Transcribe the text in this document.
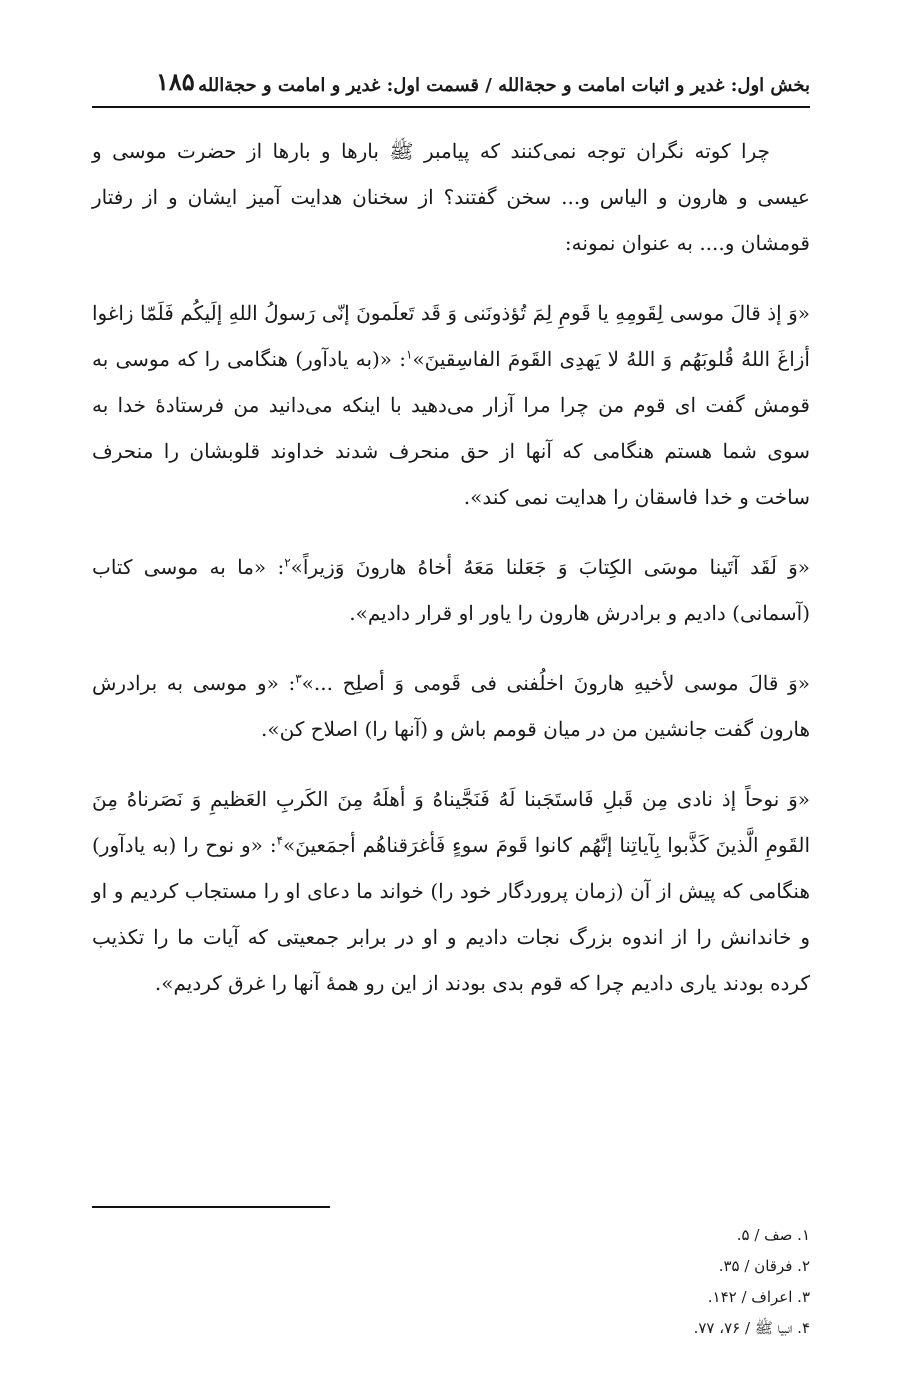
بخش اول: غدیر و اثبات امامت و حجةالله / قسمت اول: غدیر و امامت و حجةالله
۱۸۵

چرا کوته نگران توجه نمی‌کنند که پیامبر ﷺ بارها و بارها از حضرت موسی و عیسی و هارون و الیاس و... سخن گفتند؟ از سخنان هدایت آمیز ایشان و از رفتار قومشان و.... به عنوان نمونه:

«وَ إذ قالَ موسی لِقَومِهِ یا قَومِ لِمَ تُؤذونَنی وَ قَد تَعلَمونَ إنّی رَسولُ اللهِ إلَیکُم فَلَمّا زاغوا أزاغَ اللهُ قُلوبَهُم وَ اللهُ لا یَهدِی القَومَ الفاسِقینَ»$^۱$: «(به یادآور) هنگامی را که موسی به قومش گفت ای قوم من چرا مرا آزار می‌دهید با اینکه می‌دانید من فرستادهٔ خدا به سوی شما هستم هنگامی که آنها از حق منحرف شدند خداوند قلوبشان را منحرف ساخت و خدا فاسقان را هدایت نمی کند».

«وَ لَقَد آتَینا موسَی الکِتابَ وَ جَعَلنا مَعَهُ أخاهُ هارونَ وَزیراً»$^۲$: «ما به موسی کتاب (آسمانی) دادیم و برادرش هارون را یاور او قرار دادیم».

«وَ قالَ موسی لأخیهِ هارونَ اخلُفنی فی قَومی وَ أصلِح ...»$^۳$: «و موسی به برادرش هارون گفت جانشین من در میان قومم باش و (آنها را) اصلاح کن».

«وَ نوحاً إذ نادی مِن قَبلِ فَاستَجَبنا لَهُ فَنَجَّیناهُ وَ أهلَهُ مِنَ الکَربِ العَظیمِ وَ نَصَرناهُ مِنَ القَومِ الَّذینَ کَذَّبوا بِآیاتِنا إنَّهُم کانوا قَومَ سوءٍ فَأغرَقناهُم أجمَعینَ»$^۴$: «و نوح را (به یادآور) هنگامی که پیش از آن (زمان پروردگار خود را) خواند ما دعای او را مستجاب کردیم و او و خاندانش را از اندوه بزرگ نجات دادیم و او در برابر جمعیتی که آیات ما را تکذیب کرده بودند یاری دادیم چرا که قوم بدی بودند از این رو همهٔ آنها را غرق کردیم».

۱. صف / ۵.
۲. فرقان / ۳۵.
۳. اعراف / ۱۴۲.
۴. انبیا ﷺ / ۷۶، ۷۷.
